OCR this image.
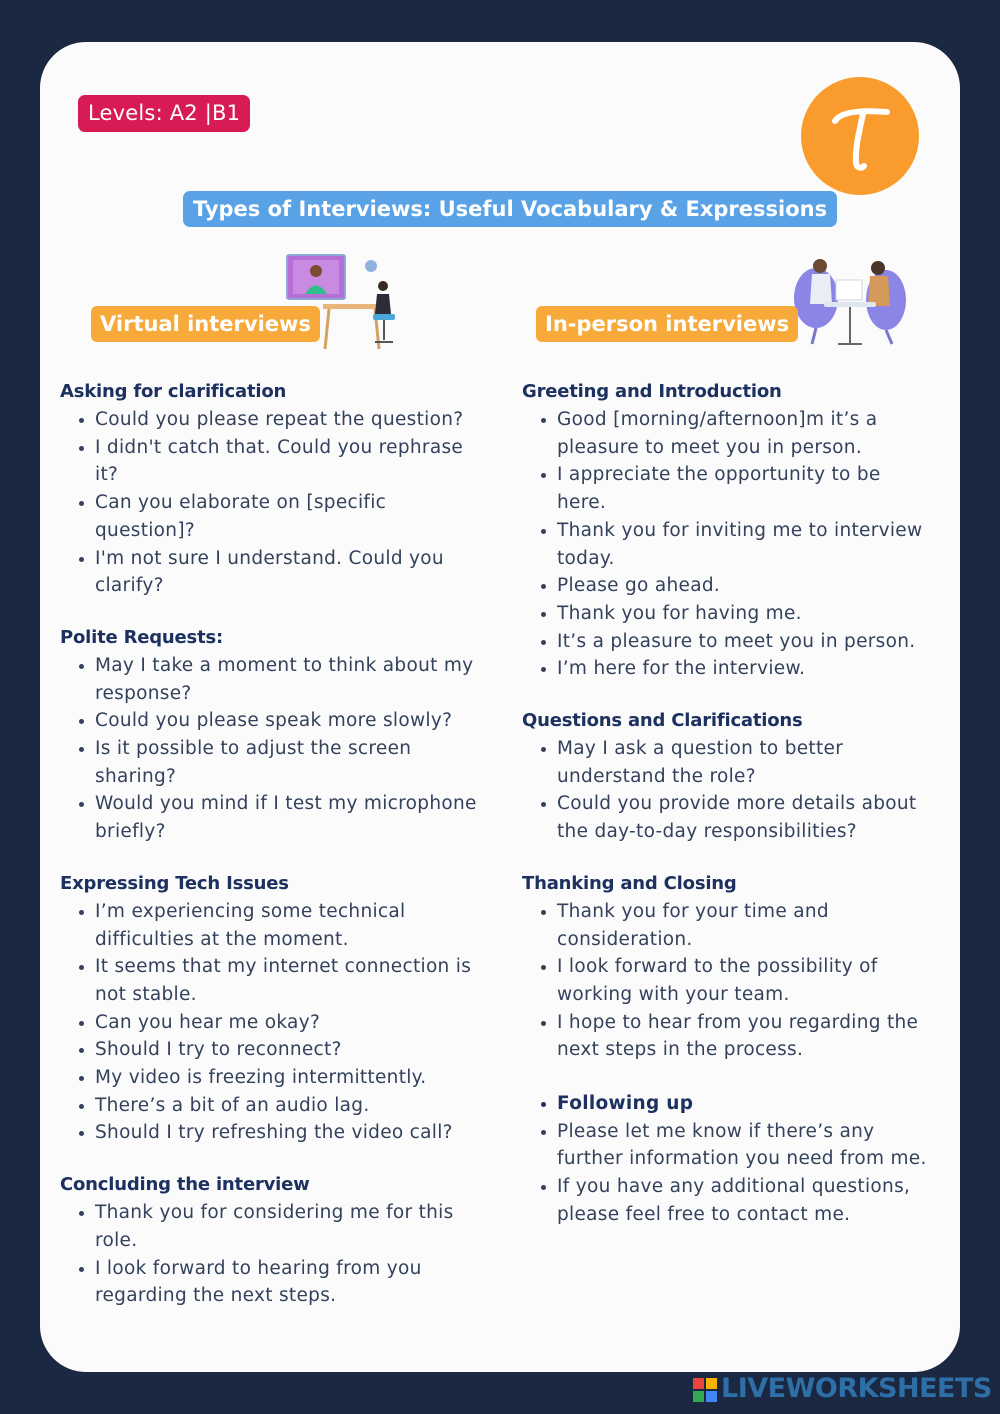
Levels: A2 |B1
Types of Interviews: Useful Vocabulary & Expressions
Virtual interviews	In-person interviews
Asking for clarification
• Could you please repeat the question?
• I didn't catch that. Could you rephrase it?
• Can you elaborate on [specific question]?
• I'm not sure I understand. Could you clarify?
Polite Requests:
• May I take a moment to think about my response?
• Could you please speak more slowly?
• Is it possible to adjust the screen sharing?
• Would you mind if I test my microphone briefly?
Expressing Tech Issues
• I’m experiencing some technical difficulties at the moment.
• It seems that my internet connection is not stable.
• Can you hear me okay?
• Should I try to reconnect?
• My video is freezing intermittently.
• There’s a bit of an audio lag.
• Should I try refreshing the video call?
Concluding the interview
• Thank you for considering me for this role.
• I look forward to hearing from you regarding the next steps.
Greeting and Introduction
• Good [morning/afternoon]m it’s a pleasure to meet you in person.
• I appreciate the opportunity to be here.
• Thank you for inviting me to interview today.
• Please go ahead.
• Thank you for having me.
• It’s a pleasure to meet you in person.
• I’m here for the interview.
Questions and Clarifications
• May I ask a question to better understand the role?
• Could you provide more details about the day-to-day responsibilities?
Thanking and Closing
• Thank you for your time and consideration.
• I look forward to the possibility of working with your team.
• I hope to hear from you regarding the next steps in the process.
• Following up
• Please let me know if there’s any further information you need from me.
• If you have any additional questions, please feel free to contact me.
LIVEWORKSHEETS
